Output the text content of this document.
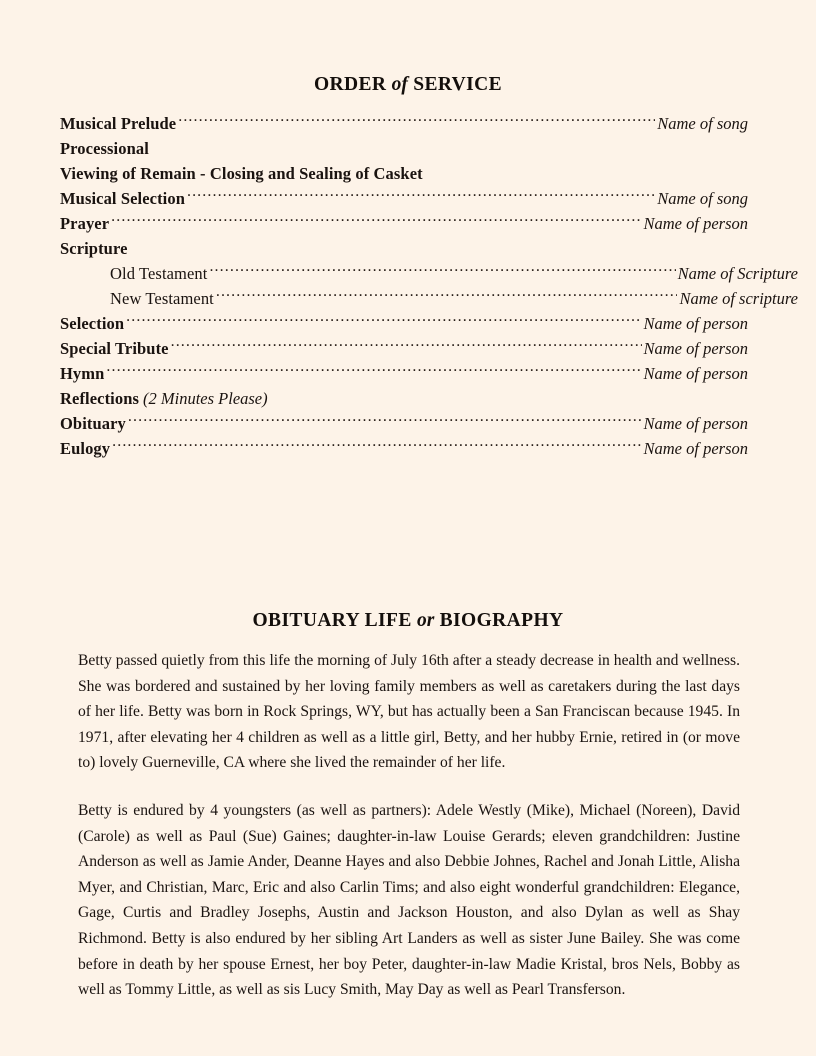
ORDER of SERVICE
Musical Prelude .....	Name of song
Processional
Viewing of Remain - Closing and Sealing of Casket
Musical Selection .....	Name of song
Prayer .....	Name of person
Scripture
Old Testament .....	Name of Scripture
New Testament .....	Name of scripture
Selection .....	Name of person
Special Tribute .....	Name of person
Hymn .....	Name of person
Reflections (2 Minutes Please)
Obituary .....	Name of person
Eulogy .....	Name of person
OBITUARY LIFE or BIOGRAPHY

Betty passed quietly from this life the morning of July 16th after a steady decrease in health and wellness. She was bordered and sustained by her loving family members as well as caretakers during the last days of her life. Betty was born in Rock Springs, WY, but has actually been a San Franciscan because 1945. In 1971, after elevating her 4 children as well as a little girl, Betty, and her hubby Ernie, retired in (or move to) lovely Guerneville, CA where she lived the remainder of her life.

Betty is endured by 4 youngsters (as well as partners): Adele Westly (Mike), Michael (Noreen), David (Carole) as well as Paul (Sue) Gaines; daughter-in-law Louise Gerards; eleven grandchildren: Justine Anderson as well as Jamie Ander, Deanne Hayes and also Debbie Johnes, Rachel and Jonah Little, Alisha Myer, and Christian, Marc, Eric and also Carlin Tims; and also eight wonderful grandchildren: Elegance, Gage, Curtis and Bradley Josephs, Austin and Jackson Houston, and also Dylan as well as Shay Richmond. Betty is also endured by her sibling Art Landers as well as sister June Bailey. She was come before in death by her spouse Ernest, her boy Peter, daughter-in-law Madie Kristal, bros Nels, Bobby as well as Tommy Little, as well as sis Lucy Smith, May Day as well as Pearl Transferson.
